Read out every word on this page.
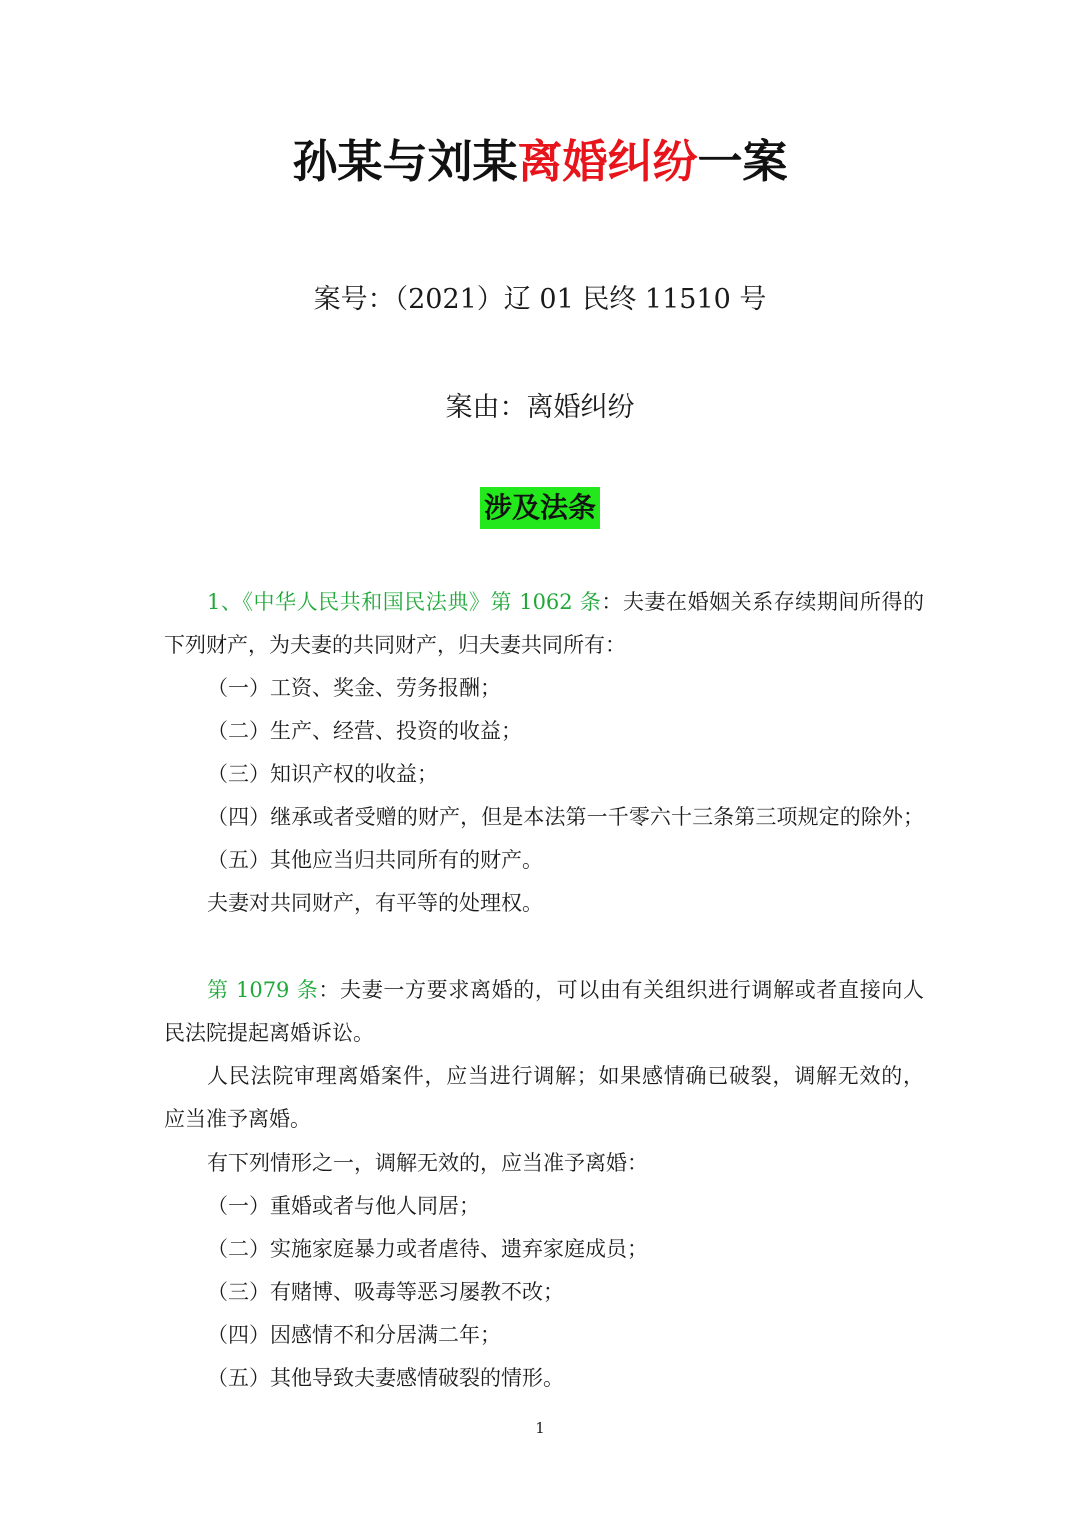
孙某与刘某离婚纠纷一案
案号：（2021）辽 01 民终 11510 号
案由：离婚纠纷
涉及法条
1、《中华人民共和国民法典》第 1062 条：夫妻在婚姻关系存续期间所得的
下列财产，为夫妻的共同财产，归夫妻共同所有：
（一）工资、奖金、劳务报酬；
（二）生产、经营、投资的收益；
（三）知识产权的收益；
（四）继承或者受赠的财产，但是本法第一千零六十三条第三项规定的除外；
（五）其他应当归共同所有的财产。
夫妻对共同财产，有平等的处理权。
第 1079 条：夫妻一方要求离婚的，可以由有关组织进行调解或者直接向人
民法院提起离婚诉讼。
人民法院审理离婚案件，应当进行调解；如果感情确已破裂，调解无效的，
应当准予离婚。
有下列情形之一，调解无效的，应当准予离婚：
（一）重婚或者与他人同居；
（二）实施家庭暴力或者虐待、遗弃家庭成员；
（三）有赌博、吸毒等恶习屡教不改；
（四）因感情不和分居满二年；
（五）其他导致夫妻感情破裂的情形。
1
